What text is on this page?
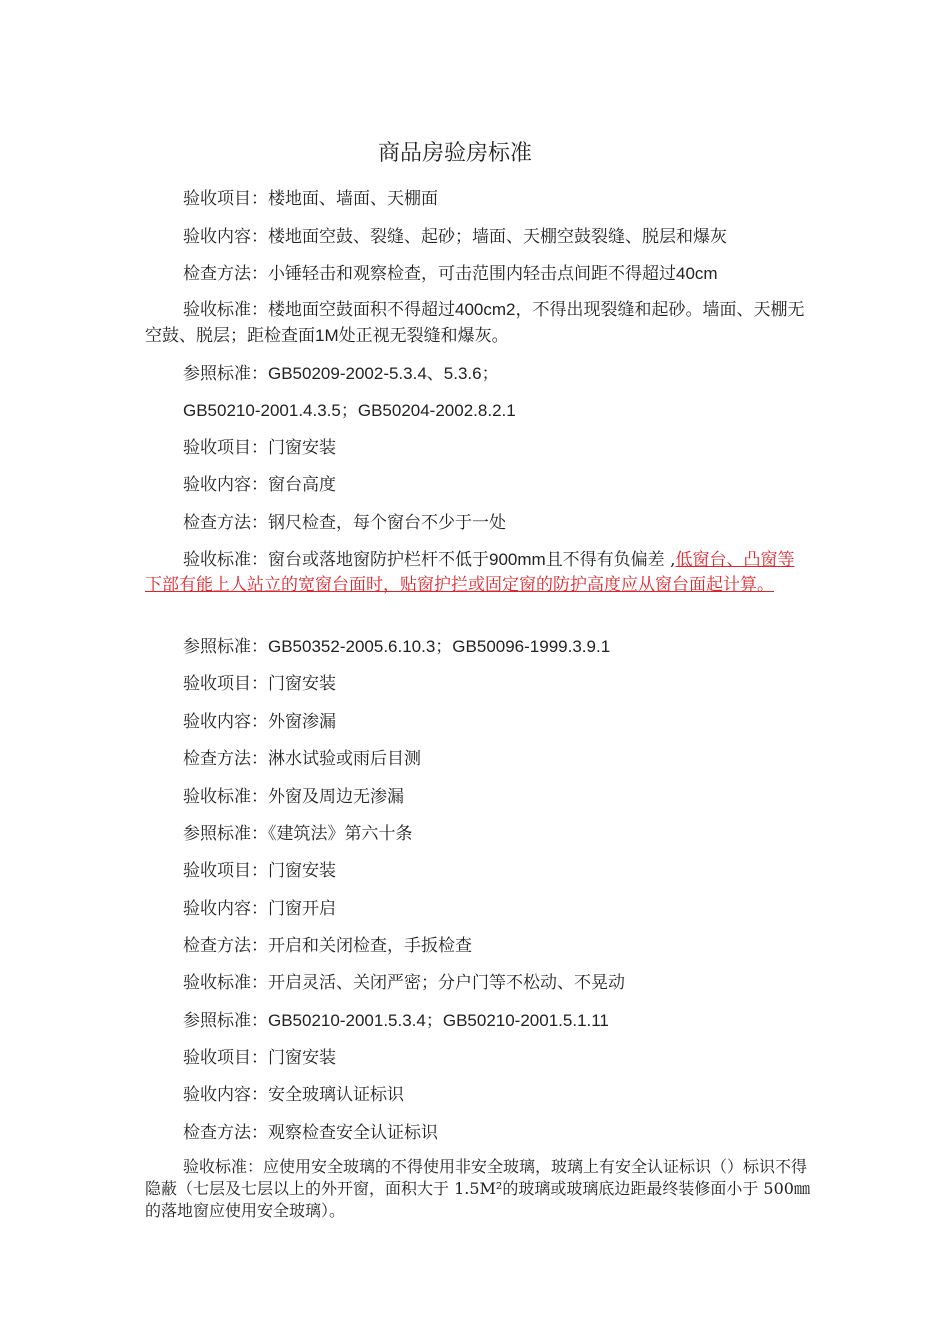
商品房验房标准
验收项目：楼地面、墙面、天棚面
验收内容：楼地面空鼓、裂缝、起砂；墙面、天棚空鼓裂缝、脱层和爆灰
检查方法：小锤轻击和观察检查，可击范围内轻击点间距不得超过40cm
验收标准：楼地面空鼓面积不得超过400cm2，不得出现裂缝和起砂。墙面、天棚无空鼓、脱层；距检查面1M处正视无裂缝和爆灰。
参照标准：GB50209-2002-5.3.4、5.3.6；
GB50210-2001.4.3.5；GB50204-2002.8.2.1
验收项目：门窗安装
验收内容：窗台高度
检查方法：钢尺检查，每个窗台不少于一处
验收标准：窗台或落地窗防护栏杆不低于900mm且不得有负偏差 ,低窗台、凸窗等下部有能上人站立的宽窗台面时，贴窗护拦或固定窗的防护高度应从窗台面起计算。
参照标准：GB50352-2005.6.10.3；GB50096-1999.3.9.1
验收项目：门窗安装
验收内容：外窗渗漏
检查方法：淋水试验或雨后目测
验收标准：外窗及周边无渗漏
参照标准：《建筑法》第六十条
验收项目：门窗安装
验收内容：门窗开启
检查方法：开启和关闭检查，手扳检查
验收标准：开启灵活、关闭严密；分户门等不松动、不晃动
参照标准：GB50210-2001.5.3.4；GB50210-2001.5.1.11
验收项目：门窗安装
验收内容：安全玻璃认证标识
检查方法：观察检查安全认证标识
验收标准：应使用安全玻璃的不得使用非安全玻璃，玻璃上有安全认证标识（）标识不得隐蔽（七层及七层以上的外开窗，面积大于 1.5M²的玻璃或玻璃底边距最终装修面小于 500㎜ 的落地窗应使用安全玻璃）。
